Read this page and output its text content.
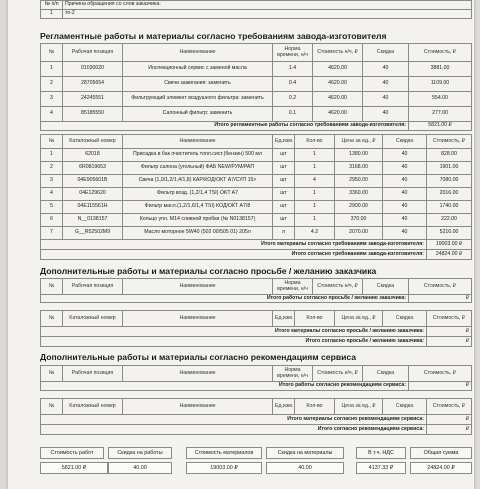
№ п/п	Причина обращения со слов заказчика:
1	то-2

Регламентные работы и материалы согласно требованиям завода-изготовителя

№	Рабочая позиция	Наименование	Норма времени, н/ч	Стоимость н/ч, ₽	Скидка	Стоимость, ₽
1	01030020	Инспекционный сервис с заменой масла	1.4	4620.00	40	3881.00
2	28705654	Свечи зажигания: заменить	0.4	4620.00	40	1109.00
3	24245551	Фильтрующий элемент воздушного фильтра: заменить	0.2	4620.00	40	554.00
4	85185550	Салонный фильтр: заменить	0.1	4620.00	40	277.00
Итого регламентные работы согласно требованиям завода-изготовителя:						5821.00 ₽
№	Каталожный номер	Наименование	Ед.изм.	Кол-во	Цена за ед., ₽	Скидка	Стоимость, ₽
1	62018	Присадка в бак очиститель топл.сист.(бензин) 500 мл	шт	1	1380.00	40	828.00
2	6R0819653	Фильтр салона (угольный) ФАБ NEW/PУМ/PAП	шт	1	3168.00	40	1901.00
3	04E905601B	Свеча (1,0/1,2/1,4/1,8) КАР/КОД/ОКТ А7/СУП 15>	шт	4	2950.00	40	7080.00
4	04E129620	Фильтр возд. (1,2/1,4 TSI) OKT A7	шт	1	3360.00	40	2016.00
5	04E115561H	Фильтр масл.(1,2/1,6/1,4 TSI) КОД/ОКТ А7/8	шт	1	2900.00	40	1740.00
6	N__0138157	Кольцо упл. М14 сливной пробки (№ N0138157)	шт	1	370.00	40	222.00
7	G__R52502M9	Масло моторное 5W40 (502 00/505 01) 205л	л	4.2	2070.00	40	5216.00
Итого материалы согласно требованиям завода-изготовителя:							19003.00 ₽
Итого согласно требованиям завода-изготовителя:							24824.00 ₽

Дополнительные работы и материалы согласно просьбе / желанию заказчика

№	Рабочая позиция	Наименование	Норма времени, н/ч	Стоимость н/ч, ₽	Скидка	Стоимость, ₽
Итого работы согласно просьбе / желанию заказчика:						₽
№	Каталожный номер	Наименование	Ед.изм.	Кол-во	Цена за ед., ₽	Скидка	Стоимость, ₽
Итого материалы согласно просьбе / желанию заказчика:							₽
Итого согласно просьбе / желанию заказчика:							₽

Дополнительные работы и материалы согласно рекомендациям сервиса

№	Рабочая позиция	Наименование	Норма времени, н/ч	Стоимость н/ч, ₽	Скидка	Стоимость, ₽
Итого работы согласно рекомендациям сервиса:						₽
№	Каталожный номер	Наименование	Ед.изм.	Кол-во	Цена за ед., ₽	Скидка	Стоимость, ₽
Итого материалы согласно рекомендациям сервиса:							₽
Итого согласно рекомендациям сервиса:							₽
Стоимость работ
5821.00 ₽
Скидка на работы
40.00
Стоимость материалов
19003.00 ₽
Скидка на материалы
40.00
В т.ч. НДС
4137.33 ₽
Общая сумма
24824.00 ₽
